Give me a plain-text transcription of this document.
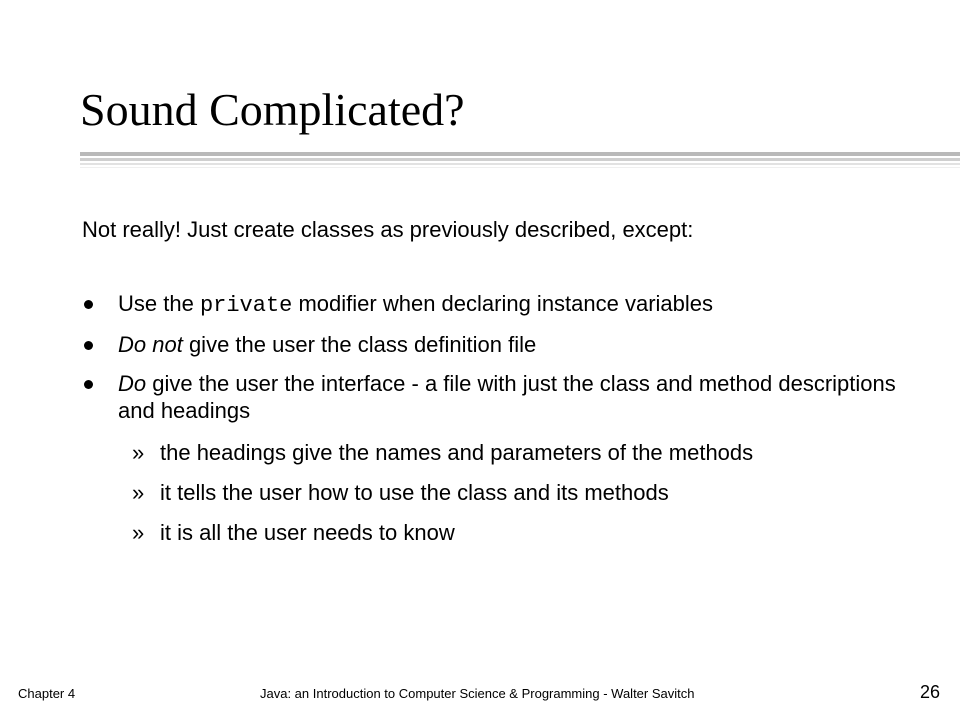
Sound Complicated?
Not really! Just create classes as previously described, except:
Use the private modifier when declaring instance variables
Do not give the user the class definition file
Do give the user the interface - a file with just the class and method descriptions and headings
» the headings give the names and parameters of the methods
» it tells the user how to use the class and its methods
» it is all the user needs to know
Chapter 4	Java: an Introduction to Computer Science & Programming - Walter Savitch	26
